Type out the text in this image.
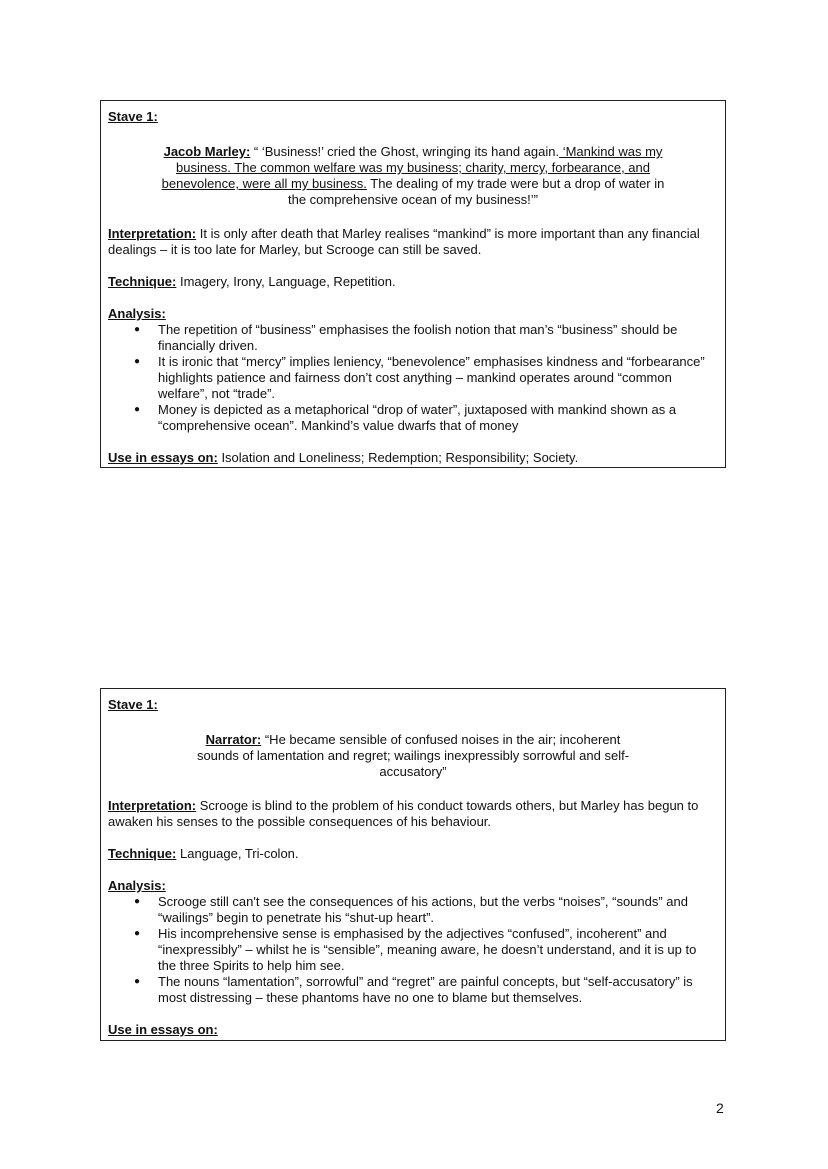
Stave 1:
Jacob Marley: “ ‘Business!’ cried the Ghost, wringing its hand again. ‘Mankind was my business. The common welfare was my business; charity, mercy, forbearance, and benevolence, were all my business. The dealing of my trade were but a drop of water in the comprehensive ocean of my business!’”
Interpretation: It is only after death that Marley realises “mankind” is more important than any financial dealings – it is too late for Marley, but Scrooge can still be saved.
Technique: Imagery, Irony, Language, Repetition.
Analysis:
● The repetition of “business” emphasises the foolish notion that man’s “business” should be financially driven.
● It is ironic that “mercy” implies leniency, “benevolence” emphasises kindness and “forbearance” highlights patience and fairness don’t cost anything – mankind operates around “common welfare”, not “trade”.
● Money is depicted as a metaphorical “drop of water”, juxtaposed with mankind shown as a “comprehensive ocean”. Mankind’s value dwarfs that of money
Use in essays on: Isolation and Loneliness; Redemption; Responsibility; Society.
Stave 1:
Narrator: “He became sensible of confused noises in the air; incoherent sounds of lamentation and regret; wailings inexpressibly sorrowful and self-accusatory”
Interpretation: Scrooge is blind to the problem of his conduct towards others, but Marley has begun to awaken his senses to the possible consequences of his behaviour.
Technique: Language, Tri-colon.
Analysis:
● Scrooge still can't see the consequences of his actions, but the verbs “noises”, “sounds” and “wailings” begin to penetrate his “shut-up heart”.
● His incomprehensive sense is emphasised by the adjectives “confused”, incoherent” and “inexpressibly” – whilst he is “sensible”, meaning aware, he doesn’t understand, and it is up to the three Spirits to help him see.
● The nouns “lamentation”, sorrowful” and “regret” are painful concepts, but “self-accusatory” is most distressing – these phantoms have no one to blame but themselves.
Use in essays on:
2
